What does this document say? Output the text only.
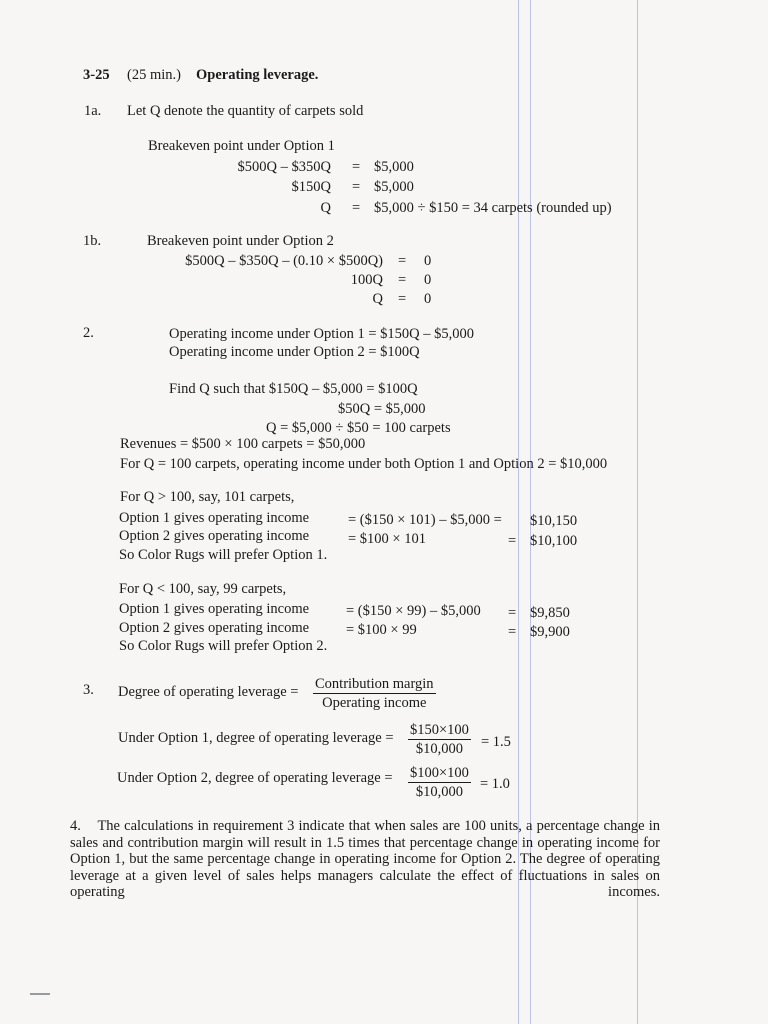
3-25 (25 min.) Operating leverage.
1a. Let Q denote the quantity of carpets sold
Breakeven point under Option 1
$500Q – $350Q = $5,000
$150Q = $5,000
Q = $5,000 ÷ $150 = 34 carpets (rounded up)
1b.	Breakeven point under Option 2
$500Q – $350Q – (0.10 × $500Q) = 0
100Q = 0
Q = 0
2.	Operating income under Option 1 = $150Q – $5,000
Operating income under Option 2 = $100Q
Find Q such that $150Q – $5,000 = $100Q
$50Q = $5,000
Q = $5,000 ÷ $50 = 100 carpets
Revenues = $500 × 100 carpets = $50,000
For Q = 100 carpets, operating income under both Option 1 and Option 2 = $10,000
For Q > 100, say, 101 carpets,
Option 1 gives operating income	= ($150 × 101) – $5,000 = $10,150
Option 2 gives operating income	= $100 × 101	= $10,100
So Color Rugs will prefer Option 1.
For Q < 100, say, 99 carpets,
Option 1 gives operating income	= ($150 × 99) – $5,000 = $9,850
Option 2 gives operating income	= $100 × 99	= $9,900
So Color Rugs will prefer Option 2.
3. Degree of operating leverage = Contribution margin
Operating income
Under Option 1, degree of operating leverage = $\frac{\$150\times 100}{\$10,000} = 1.5$
Under Option 2, degree of operating leverage = $\frac{\$100\times 100}{\$10,000} = 1.0$
4. The calculations in requirement 3 indicate that when sales are 100 units, a percentage change in sales and contribution margin will result in 1.5 times that percentage change in operating income for Option 1, but the same percentage change in operating income for Option 2. The degree of operating leverage at a given level of sales helps managers calculate the effect of fluctuations in sales on operating incomes.
